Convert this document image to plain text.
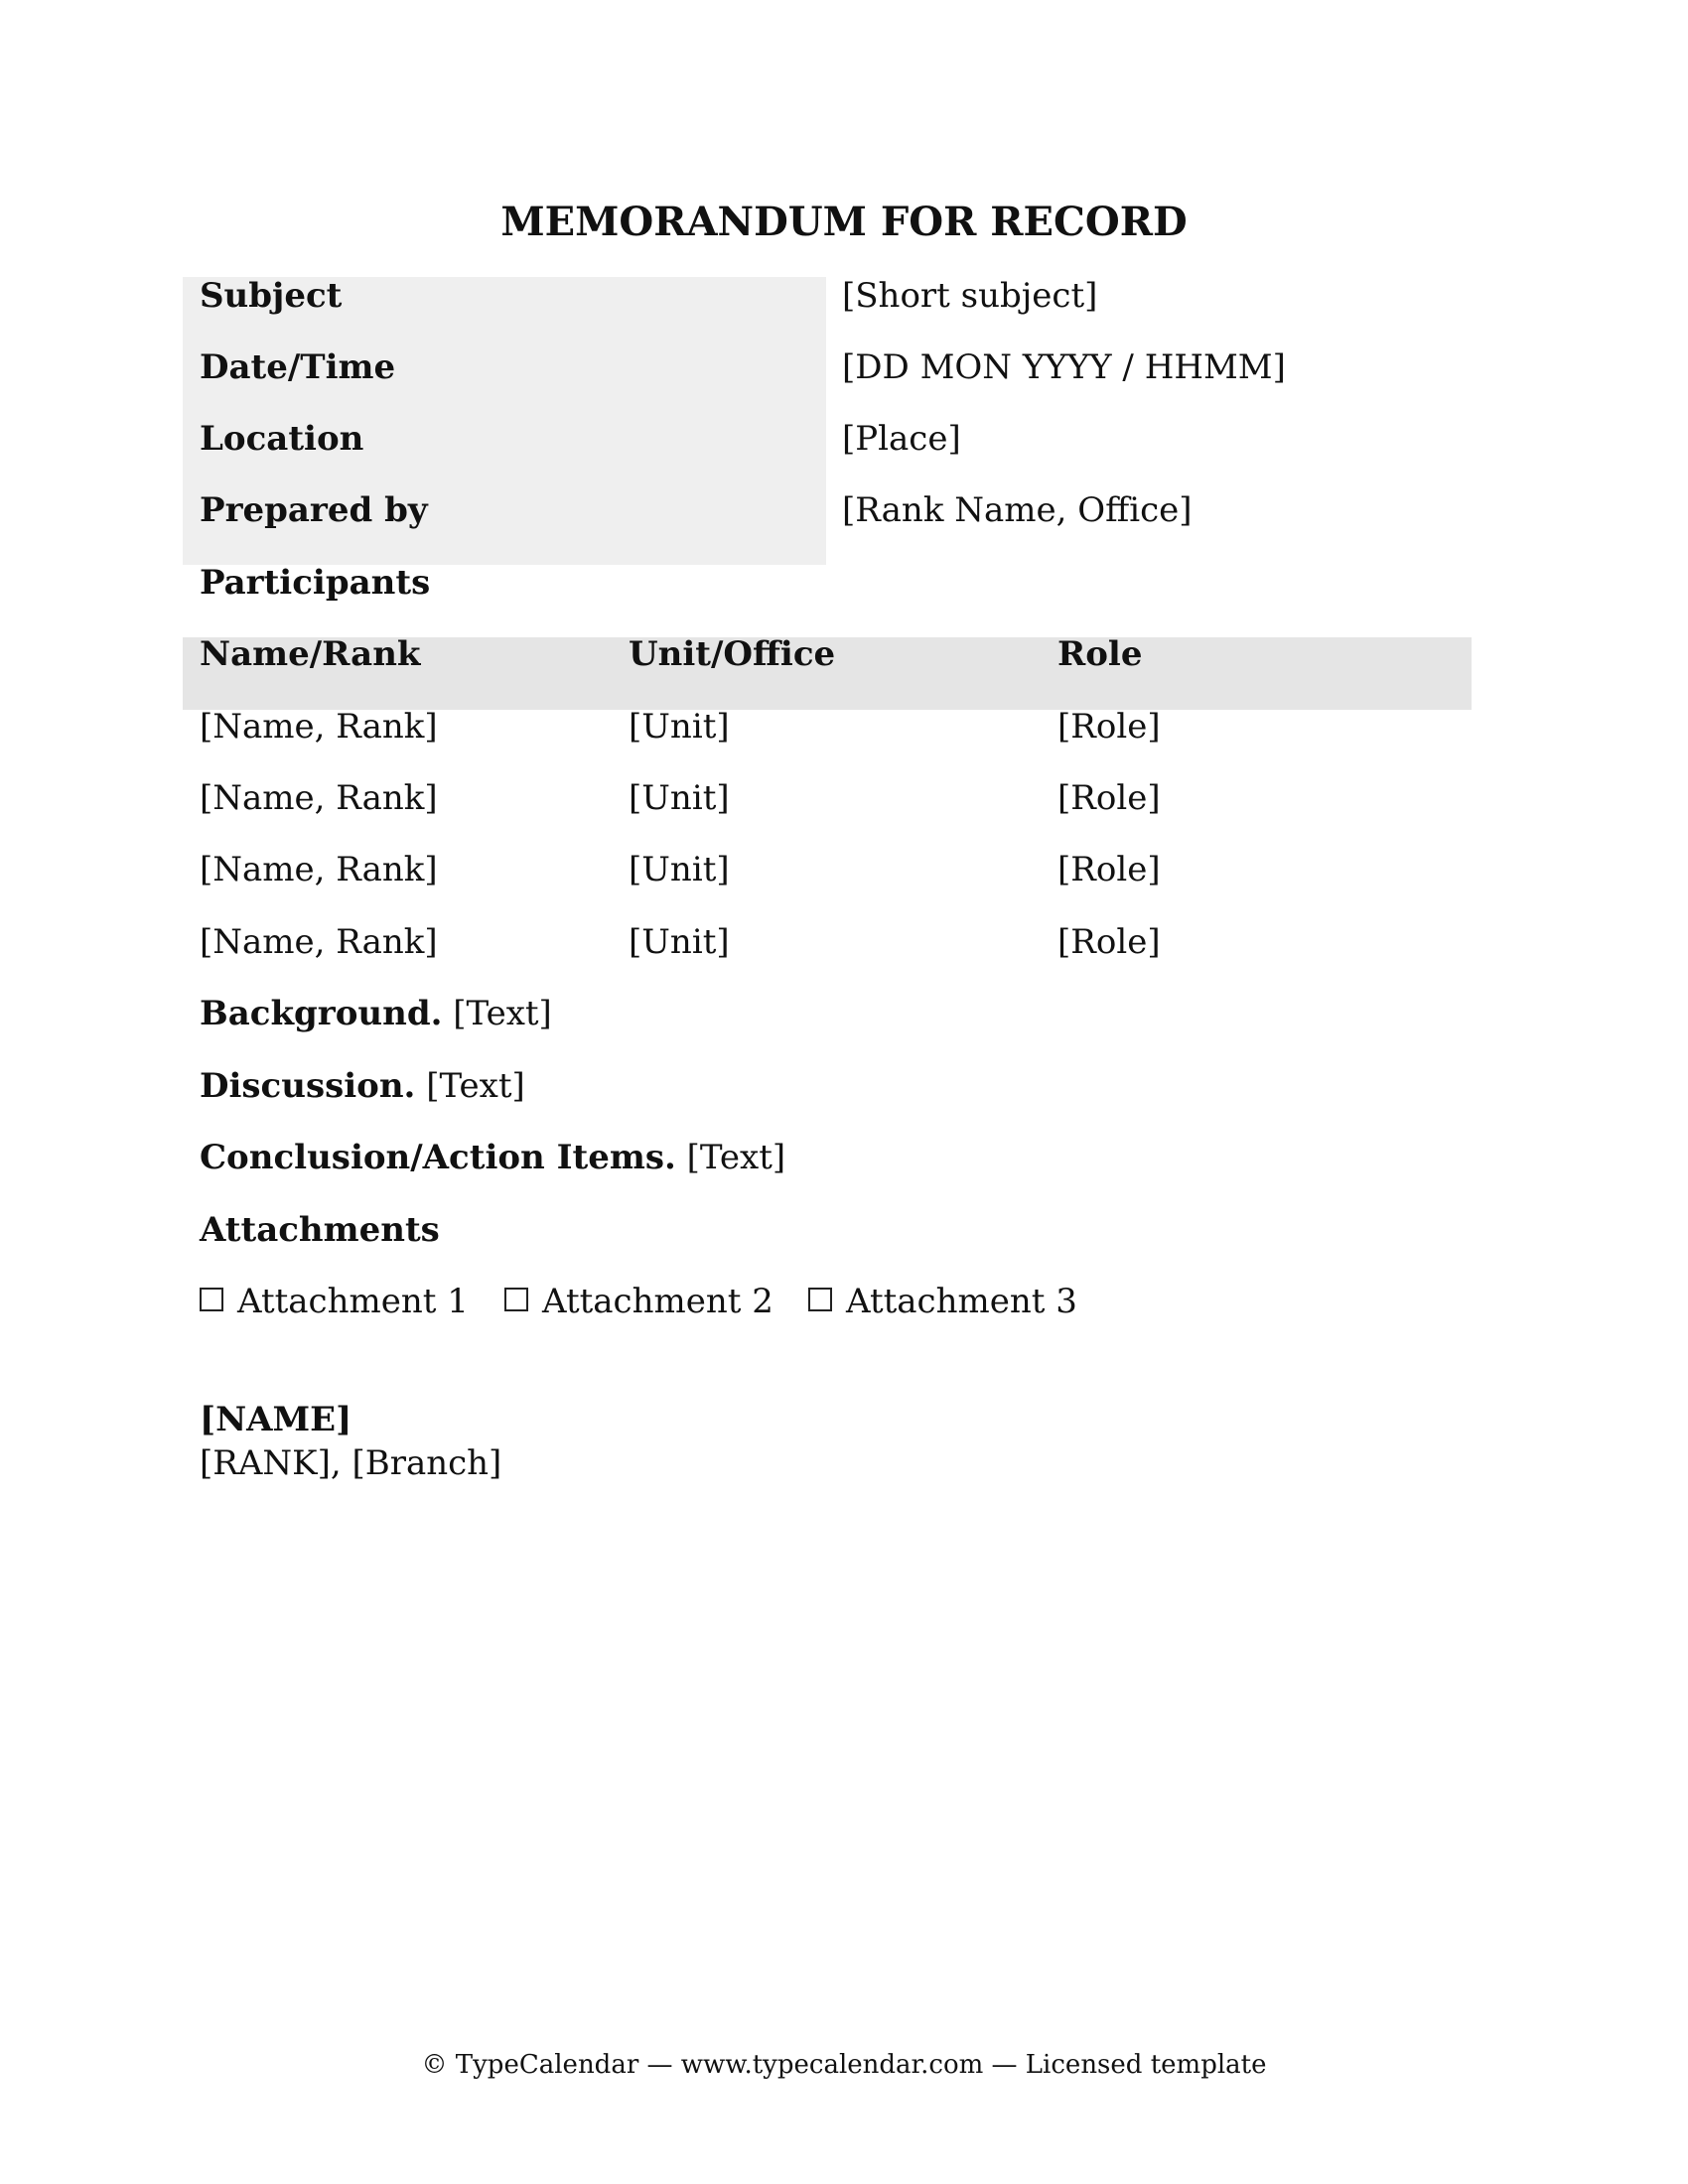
MEMORANDUM FOR RECORD
Subject	[Short subject]
Date/Time	[DD MON YYYY / HHMM]
Location	[Place]
Prepared by	[Rank Name, Office]
Participants
Name/Rank	Unit/Office	Role
[Name, Rank]	[Unit]	[Role]
[Name, Rank]	[Unit]	[Role]
[Name, Rank]	[Unit]	[Role]
[Name, Rank]	[Unit]	[Role]
Background. [Text]
Discussion. [Text]
Conclusion/Action Items. [Text]
Attachments
Attachment 1	Attachment 2	Attachment 3
[NAME]
[RANK], [Branch]
© TypeCalendar — www.typecalendar.com — Licensed template
